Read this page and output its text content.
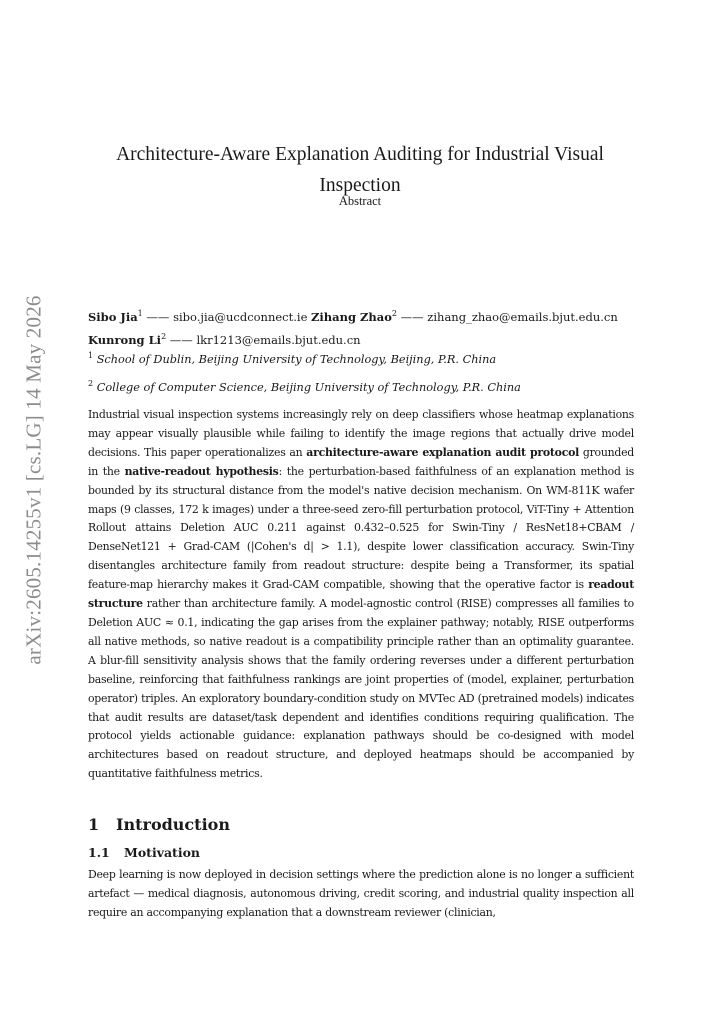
arXiv:2605.14255v1 [cs.LG] 14 May 2026
Architecture-Aware Explanation Auditing for Industrial Visual Inspection
Abstract
Sibo Jia$^1$ —— sibo.jia@ucdconnect.ie Zihang Zhao$^2$ —— zihang_zhao@emails.bjut.edu.cn
Kunrong Li$^2$ —— lkr1213@emails.bjut.edu.cn
$^1$ School of Dublin, Beijing University of Technology, Beijing, P.R. China
$^2$ College of Computer Science, Beijing University of Technology, P.R. China

Industrial visual inspection systems increasingly rely on deep classifiers whose heatmap explanations may appear visually plausible while failing to identify the image regions that actually drive model decisions. This paper operationalizes an architecture-aware explanation audit protocol grounded in the native-readout hypothesis: the perturbation-based faithfulness of an explanation method is bounded by its structural distance from the model's native decision mechanism. On WM-811K wafer maps (9 classes, 172 k images) under a three-seed zero-fill perturbation protocol, ViT-Tiny + Attention Rollout attains Deletion AUC 0.211 against 0.432–0.525 for Swin-Tiny / ResNet18+CBAM / DenseNet121 + Grad-CAM (|Cohen's d| > 1.1), despite lower classification accuracy. Swin-Tiny disentangles architecture family from readout structure: despite being a Transformer, its spatial feature-map hierarchy makes it Grad-CAM compatible, showing that the operative factor is readout structure rather than architecture family. A model-agnostic control (RISE) compresses all families to Deletion AUC ≈ 0.1, indicating the gap arises from the explainer pathway; notably, RISE outperforms all native methods, so native readout is a compatibility principle rather than an optimality guarantee. A blur-fill sensitivity analysis shows that the family ordering reverses under a different perturbation baseline, reinforcing that faithfulness rankings are joint properties of (model, explainer, perturbation operator) triples. An exploratory boundary-condition study on MVTec AD (pretrained models) indicates that audit results are dataset/task dependent and identifies conditions requiring qualification. The protocol yields actionable guidance: explanation pathways should be co-designed with model architectures based on readout structure, and deployed heatmaps should be accompanied by quantitative faithfulness metrics.

1 Introduction
1.1 Motivation

Deep learning is now deployed in decision settings where the prediction alone is no longer a sufficient artefact — medical diagnosis, autonomous driving, credit scoring, and industrial quality inspection all require an accompanying explanation that a downstream reviewer (clinician,
